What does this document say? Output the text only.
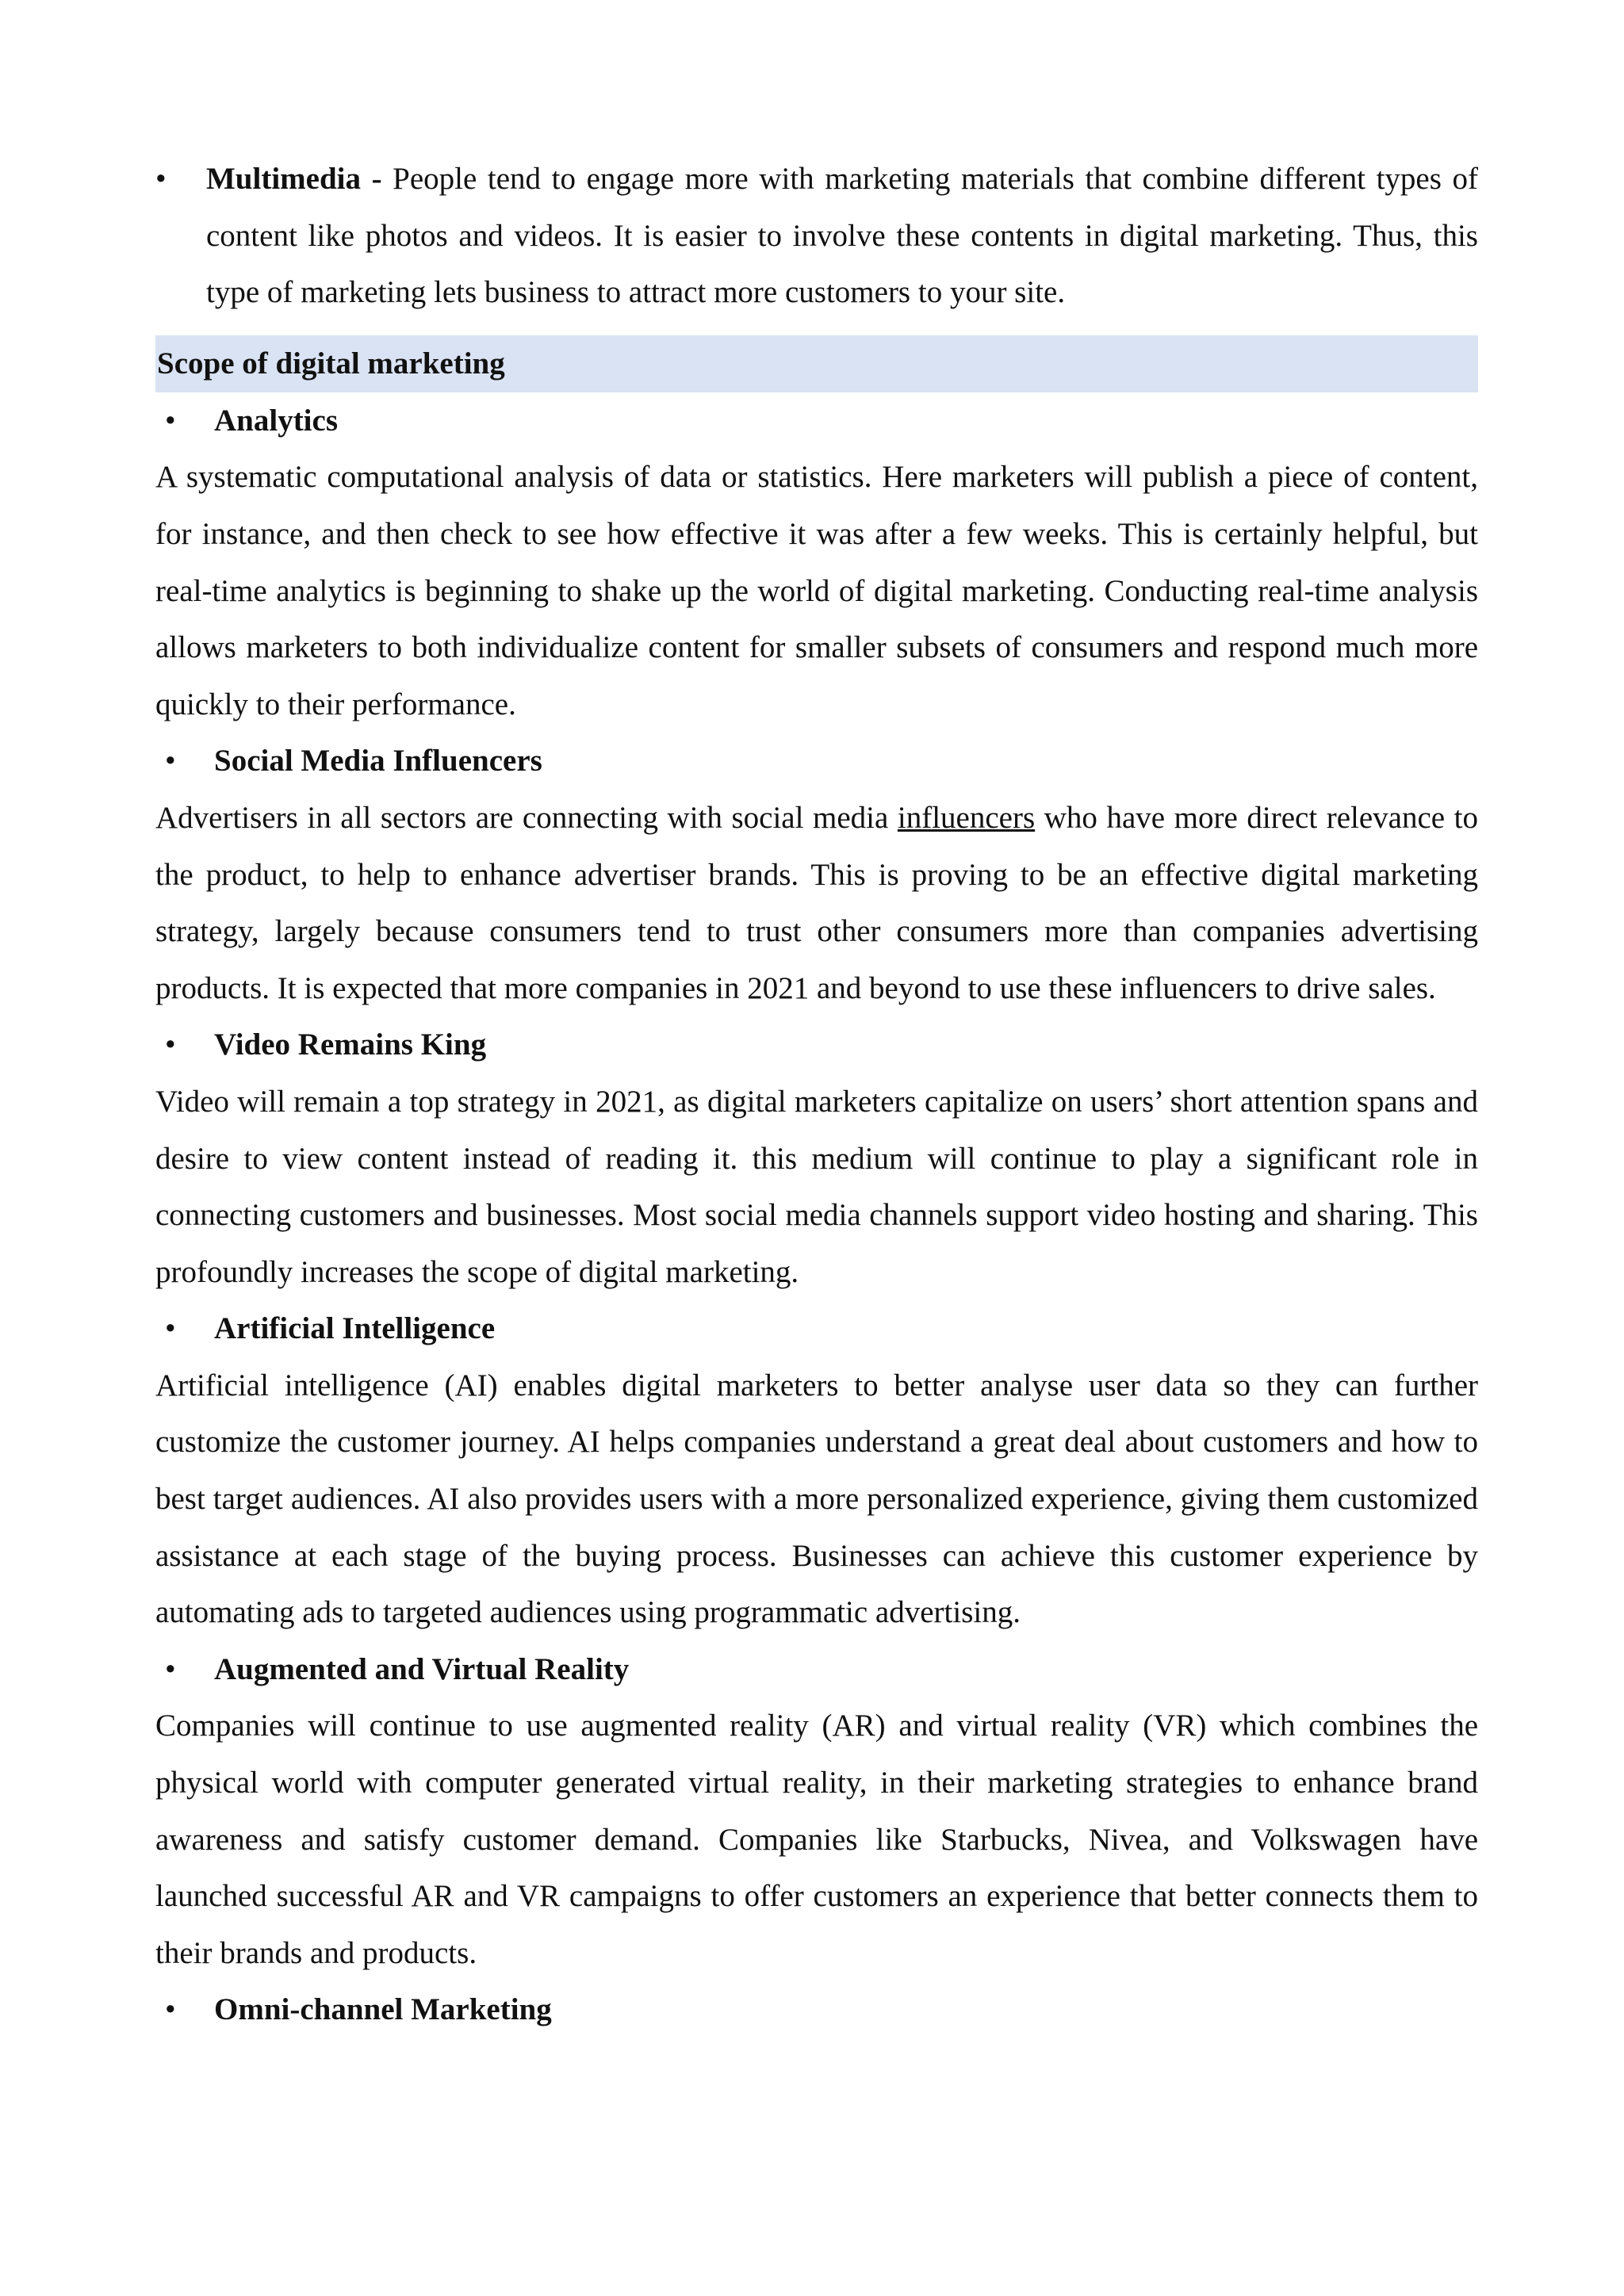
• Multimedia - People tend to engage more with marketing materials that combine different types of content like photos and videos. It is easier to involve these contents in digital marketing. Thus, this type of marketing lets business to attract more customers to your site.
Scope of digital marketing
• Analytics

A systematic computational analysis of data or statistics. Here marketers will publish a piece of content, for instance, and then check to see how effective it was after a few weeks. This is certainly helpful, but real-time analytics is beginning to shake up the world of digital marketing. Conducting real-time analysis allows marketers to both individualize content for smaller subsets of consumers and respond much more quickly to their performance.

• Social Media Influencers

Advertisers in all sectors are connecting with social media influencers who have more direct relevance to the product, to help to enhance advertiser brands. This is proving to be an effective digital marketing strategy, largely because consumers tend to trust other consumers more than companies advertising products. It is expected that more companies in 2021 and beyond to use these influencers to drive sales.

• Video Remains King

Video will remain a top strategy in 2021, as digital marketers capitalize on users’ short attention spans and desire to view content instead of reading it. this medium will continue to play a significant role in connecting customers and businesses. Most social media channels support video hosting and sharing. This profoundly increases the scope of digital marketing.

• Artificial Intelligence

Artificial intelligence (AI) enables digital marketers to better analyse user data so they can further customize the customer journey. AI helps companies understand a great deal about customers and how to best target audiences. AI also provides users with a more personalized experience, giving them customized assistance at each stage of the buying process. Businesses can achieve this customer experience by automating ads to targeted audiences using programmatic advertising.

• Augmented and Virtual Reality

Companies will continue to use augmented reality (AR) and virtual reality (VR) which combines the physical world with computer generated virtual reality, in their marketing strategies to enhance brand awareness and satisfy customer demand. Companies like Starbucks, Nivea, and Volkswagen have launched successful AR and VR campaigns to offer customers an experience that better connects them to their brands and products.

• Omni-channel Marketing
